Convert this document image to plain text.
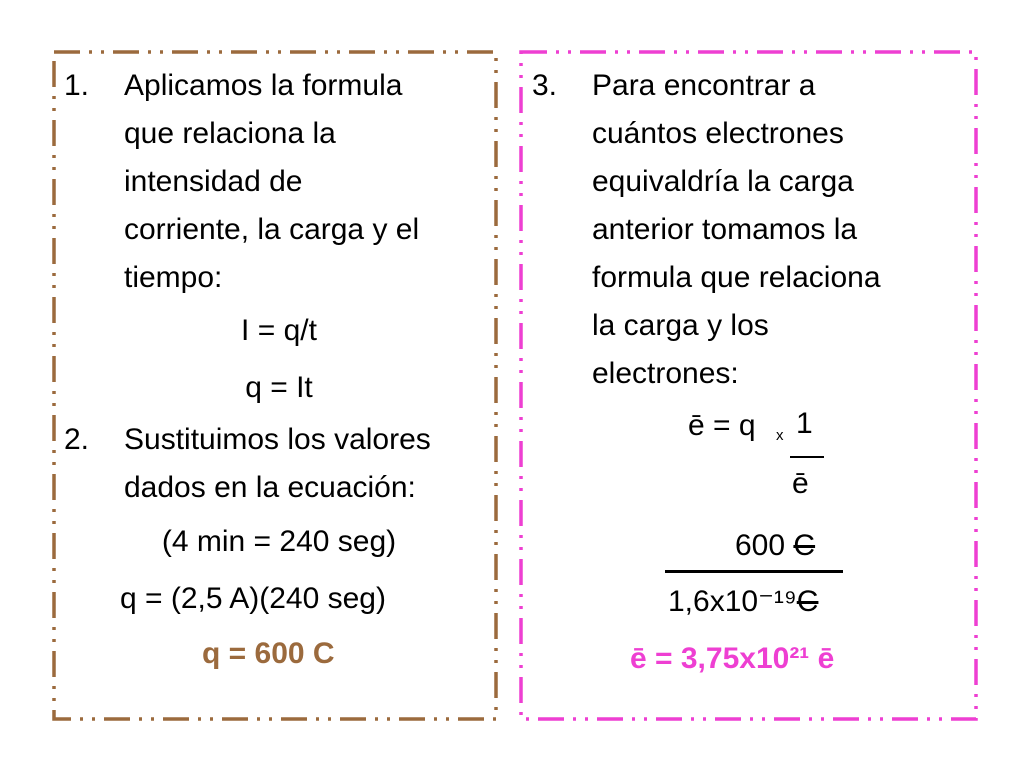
1. Aplicamos la formula
que relaciona la
intensidad de
corriente, la carga y el
tiempo:
I = q/t
q = It
2. Sustituimos los valores
dados en la ecuación:
(4 min = 240 seg)
q = (2,5 A)(240 seg)
q = 600 C
3. Para encontrar a
cuántos electrones
equivaldría la carga
anterior tomamos la
formula que relaciona
la carga y los
electrones:
ē = q x 1
ē
600 C
1,6x10⁻¹⁹C
ē = 3,75x10²¹ ē
